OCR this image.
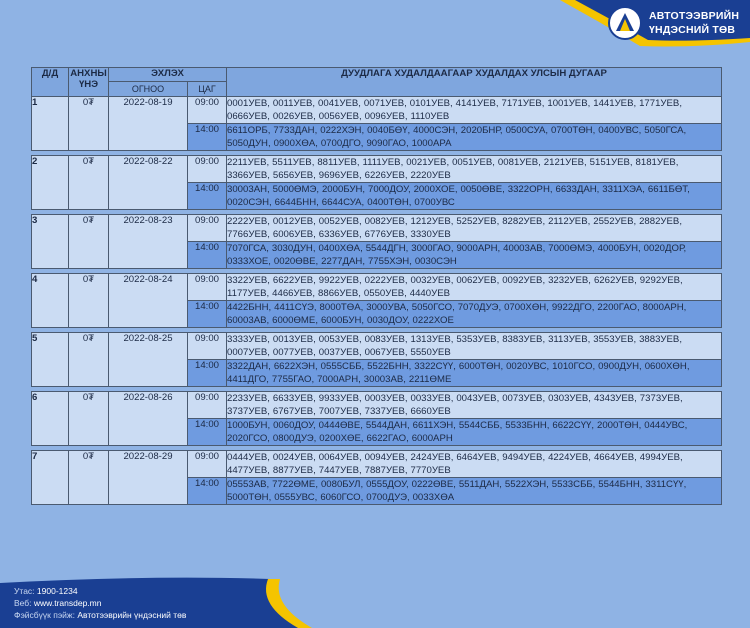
АВТОТЭЭВРИЙН
ҮНДЭСНИЙ ТӨВ
Д/Д	АНХНЫ ҮНЭ	ЭХЛЭХ		ДУУДЛАГА ХУДАЛДААГААР ХУДАЛДАХ УЛСЫН ДУГААР
		ОГНОО	ЦАГ	
1	0₮	2022-08-19	09:00	0001УЕВ, 0011УЕВ, 0041УЕВ, 0071УЕВ, 0101УЕВ, 4141УЕВ, 7171УЕВ, 1001УЕВ, 1441УЕВ, 1771УЕВ, 0666УЕВ, 0026УЕВ, 0056УЕВ, 0096УЕВ, 1110УЕВ
			14:00	6611ОРБ, 7733ДАН, 0222ХЭН, 0040БӨҮ, 4000СЭН, 2020БНР, 0500СУА, 0700ТӨН, 0400УВС, 5050ГСА, 5050ДУН, 0900ХӨА, 0700ДГО, 9090ГАО, 1000АРА

2	0₮	2022-08-22	09:00	2211УЕВ, 5511УЕВ, 8811УЕВ, 1111УЕВ, 0021УЕВ, 0051УЕВ, 0081УЕВ, 2121УЕВ, 5151УЕВ, 8181УЕВ, 3366УЕВ, 5656УЕВ, 9696УЕВ, 6226УЕВ, 2220УЕВ
			14:00	30003АН, 5000ӨМЭ, 2000БУН, 7000ДОУ, 2000ХОЕ, 0050ӨВЕ, 3322ОРН, 6633ДАН, 3311ХЭА, 6611БӨТ, 0020СЭН, 6644БНН, 6644СУА, 0400ТӨН, 0700УВС

3	0₮	2022-08-23	09:00	2222УЕВ, 0012УЕВ, 0052УЕВ, 0082УЕВ, 1212УЕВ, 5252УЕВ, 8282УЕВ, 2112УЕВ, 2552УЕВ, 2882УЕВ, 7766УЕВ, 6006УЕВ, 6336УЕВ, 6776УЕВ, 3330УЕВ
			14:00	7070ГСА, 3030ДУН, 0400ХӨА, 5544ДГН, 3000ГАО, 9000АРН, 40003АВ, 7000ӨМЭ, 4000БУН, 0020ДОР, 0333ХОЕ, 0020ӨВЕ, 2277ДАН, 7755ХЭН, 0030СЭН

4	0₮	2022-08-24	09:00	3322УЕВ, 6622УЕВ, 9922УЕВ, 0222УЕВ, 0032УЕВ, 0062УЕВ, 0092УЕВ, 3232УЕВ, 6262УЕВ, 9292УЕВ, 1177УЕВ, 4466УЕВ, 8866УЕВ, 0550УЕВ, 4440УЕВ
			14:00	4422БНН, 4411СҮЭ, 8000ТӨА, 3000УВА, 5050ГСО, 7070ДУЭ, 0700ХӨН, 9922ДГО, 2200ГАО, 8000АРН, 60003АВ, 6000ӨМЕ, 6000БУН, 0030ДОУ, 0222ХОЕ

5	0₮	2022-08-25	09:00	3333УЕВ, 0013УЕВ, 0053УЕВ, 0083УЕВ, 1313УЕВ, 5353УЕВ, 8383УЕВ, 3113УЕВ, 3553УЕВ, 3883УЕВ, 0007УЕВ, 0077УЕВ, 0037УЕВ, 0067УЕВ, 5550УЕВ
			14:00	3322ДАН, 6622ХЭН, 0555СББ, 5522БНН, 3322СҮҮ, 6000ТӨН, 0020УВС, 1010ГСО, 0900ДУН, 0600ХӨН, 4411ДГО, 7755ГАО, 7000АРН, 30003АВ, 2211ӨМЕ

6	0₮	2022-08-26	09:00	2233УЕВ, 6633УЕВ, 9933УЕВ, 0003УЕВ, 0033УЕВ, 0043УЕВ, 0073УЕВ, 0303УЕВ, 4343УЕВ, 7373УЕВ, 3737УЕВ, 6767УЕВ, 7007УЕВ, 7337УЕВ, 6660УЕВ
			14:00	1000БУН, 0060ДОУ, 0444ӨВЕ, 5544ДАН, 6611ХЭН, 5544СББ, 5533БНН, 6622СҮҮ, 2000ТӨН, 0444УВС, 2020ГСО, 0800ДУЭ, 0200ХӨЕ, 6622ГАО, 6000АРН

7	0₮	2022-08-29	09:00	0444УЕВ, 0024УЕВ, 0064УЕВ, 0094УЕВ, 2424УЕВ, 6464УЕВ, 9494УЕВ, 4224УЕВ, 4664УЕВ, 4994УЕВ, 4477УЕВ, 8877УЕВ, 7447УЕВ, 7887УЕВ, 7770УЕВ
			14:00	05553АВ, 7722ӨМЕ, 0080БУЛ, 0555ДОУ, 0222ӨВЕ, 5511ДАН, 5522ХЭН, 5533СББ, 5544БНН, 3311СҮҮ, 5000ТӨН, 0555УВС, 6060ГСО, 0700ДУЭ, 0033ХӨА
Утас: 1900-1234
Веб: www.transdep.mn
Фэйсбүүк пэйж: Автотээврийн үндэсний төв
